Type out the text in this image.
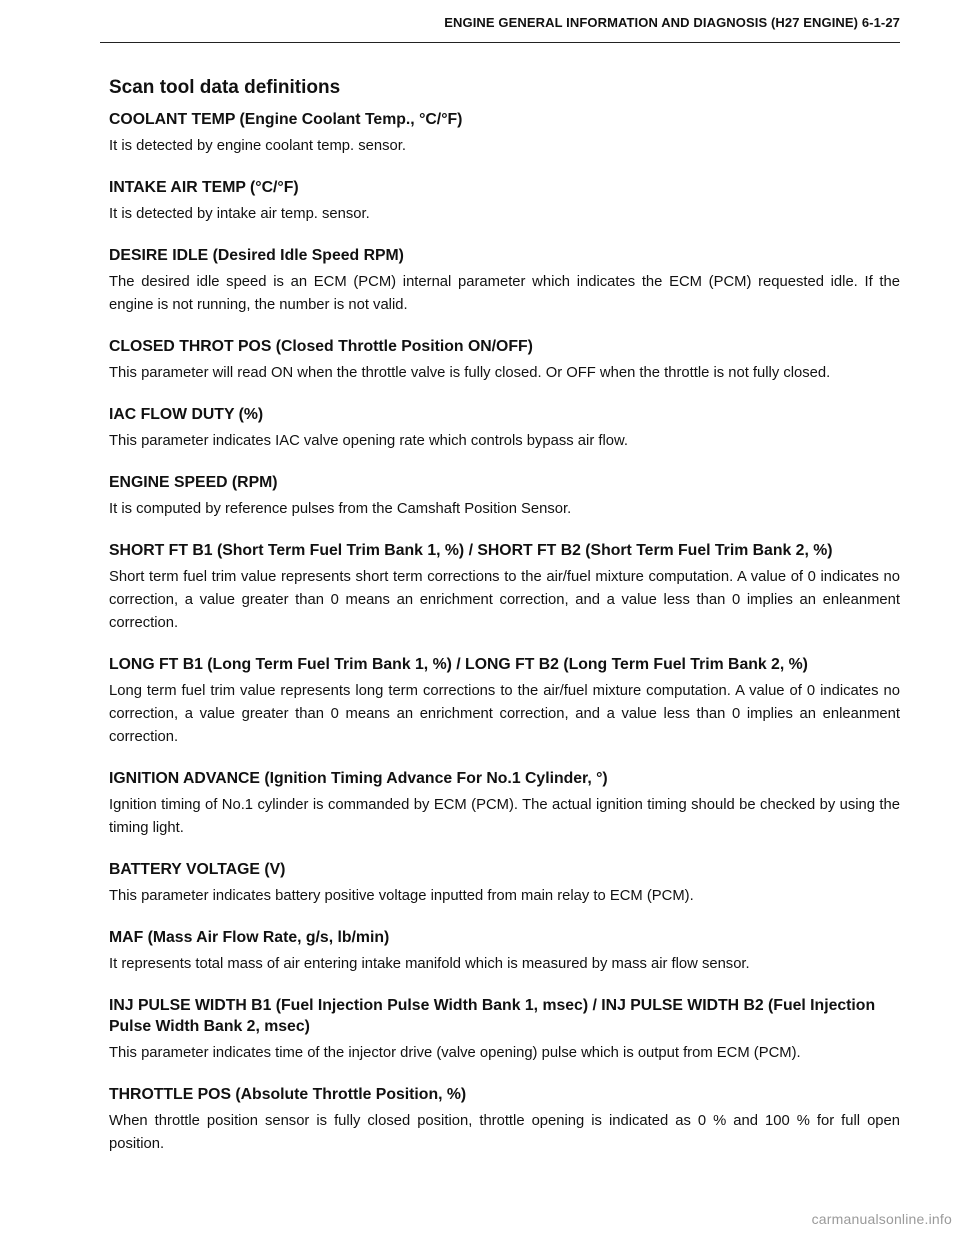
ENGINE GENERAL INFORMATION AND DIAGNOSIS (H27 ENGINE) 6-1-27
Scan tool data definitions
COOLANT TEMP (Engine Coolant Temp., °C/°F)

It is detected by engine coolant temp. sensor.

INTAKE AIR TEMP (°C/°F)

It is detected by intake air temp. sensor.

DESIRE IDLE (Desired Idle Speed RPM)

The desired idle speed is an ECM (PCM) internal parameter which indicates the ECM (PCM) requested idle. If the engine is not running, the number is not valid.

CLOSED THROT POS (Closed Throttle Position ON/OFF)

This parameter will read ON when the throttle valve is fully closed. Or OFF when the throttle is not fully closed.

IAC FLOW DUTY (%)

This parameter indicates IAC valve opening rate which controls bypass air flow.

ENGINE SPEED (RPM)

It is computed by reference pulses from the Camshaft Position Sensor.

SHORT FT B1 (Short Term Fuel Trim Bank 1, %) / SHORT FT B2 (Short Term Fuel Trim Bank 2, %)

Short term fuel trim value represents short term corrections to the air/fuel mixture computation. A value of 0 indicates no correction, a value greater than 0 means an enrichment correction, and a value less than 0 implies an enleanment correction.

LONG FT B1 (Long Term Fuel Trim Bank 1, %) / LONG FT B2 (Long Term Fuel Trim Bank 2, %)

Long term fuel trim value represents long term corrections to the air/fuel mixture computation. A value of 0 indicates no correction, a value greater than 0 means an enrichment correction, and a value less than 0 implies an enleanment correction.

IGNITION ADVANCE (Ignition Timing Advance For No.1 Cylinder, °)

Ignition timing of No.1 cylinder is commanded by ECM (PCM). The actual ignition timing should be checked by using the timing light.

BATTERY VOLTAGE (V)

This parameter indicates battery positive voltage inputted from main relay to ECM (PCM).

MAF (Mass Air Flow Rate, g/s, lb/min)

It represents total mass of air entering intake manifold which is measured by mass air flow sensor.

INJ PULSE WIDTH B1 (Fuel Injection Pulse Width Bank 1, msec) / INJ PULSE WIDTH B2 (Fuel Injection Pulse Width Bank 2, msec)

This parameter indicates time of the injector drive (valve opening) pulse which is output from ECM (PCM).

THROTTLE POS (Absolute Throttle Position, %)

When throttle position sensor is fully closed position, throttle opening is indicated as 0 % and 100 % for full open position.

carmanualsonline.info
